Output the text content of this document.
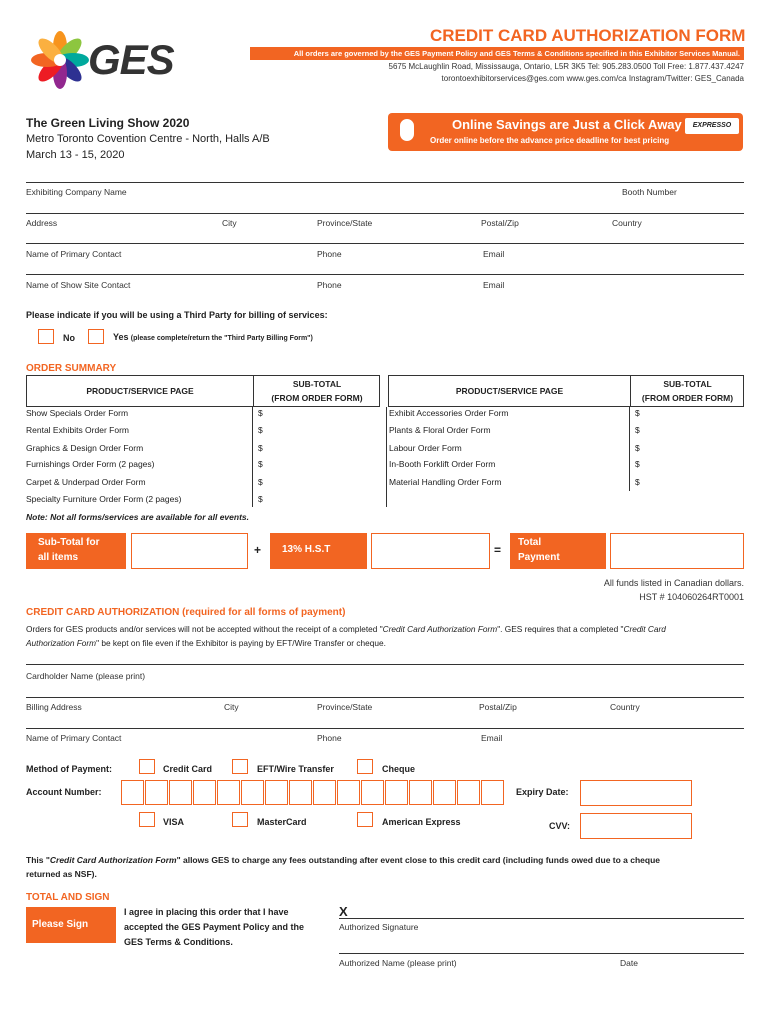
GES
CREDIT CARD AUTHORIZATION FORM
All orders are governed by the GES Payment Policy and GES Terms & Conditions specified in this Exhibitor Services Manual.
5675 McLaughlin Road, Mississauga, Ontario, L5R 3K5 Tel: 905.283.0500 Toll Free: 1.877.437.4247
torontoexhibitorservices@ges.com www.ges.com/ca Instagram/Twitter: GES_Canada
The Green Living Show 2020
Metro Toronto Covention Centre - North, Halls A/B
March 13 - 15, 2020
Online Savings are Just a Click Away
Order online before the advance price deadline for best pricing
EXPRESSO
Exhibiting Company Name	Booth Number
Address	City	Province/State	Postal/Zip	Country
Name of Primary Contact	Phone	Email
Name of Show Site Contact	Phone	Email
Please indicate if you will be using a Third Party for billing of services:
No	Yes (please complete/return the "Third Party Billing Form")
ORDER SUMMARY
PRODUCT/SERVICE PAGE
SUB-TOTAL
(FROM ORDER FORM)
PRODUCT/SERVICE PAGE
SUB-TOTAL
(FROM ORDER FORM)
Show Specials Order Form	$
Rental Exhibits Order Form	$
Graphics & Design Order Form	$
Furnishings Order Form (2 pages)	$
Carpet & Underpad Order Form	$
Specialty Furniture Order Form (2 pages)	$
Exhibit Accessories Order Form	$
Plants & Floral Order Form	$
Labour Order Form	$
In-Booth Forklift Order Form	$
Material Handling Order Form	$
Note: Not all forms/services are available for all events.
Sub-Total for
all items
+ 13% H.S.T	=
Total
Payment
All funds listed in Canadian dollars.
HST # 104060264RT0001
CREDIT CARD AUTHORIZATION (required for all forms of payment)
Orders for GES products and/or services will not be accepted without the receipt of a completed "Credit Card Authorization Form". GES requires that a completed "Credit Card
Authorization Form" be kept on file even if the Exhibitor is paying by EFT/Wire Transfer or cheque.
Cardholder Name (please print)
Billing Address	City	Province/State	Postal/Zip	Country
Name of Primary Contact	Phone	Email
Method of Payment:	Credit Card	EFT/Wire Transfer	Cheque
Account Number:	Expiry Date:
VISA	MasterCard	American Express	CVV:
This "Credit Card Authorization Form" allows GES to charge any fees outstanding after event close to this credit card (including funds owed due to a cheque
returned as NSF).
TOTAL AND SIGN
Please Sign
I agree in placing this order that I have
accepted the GES Payment Policy and the
GES Terms & Conditions.
X
Authorized Signature
Authorized Name (please print)	Date
